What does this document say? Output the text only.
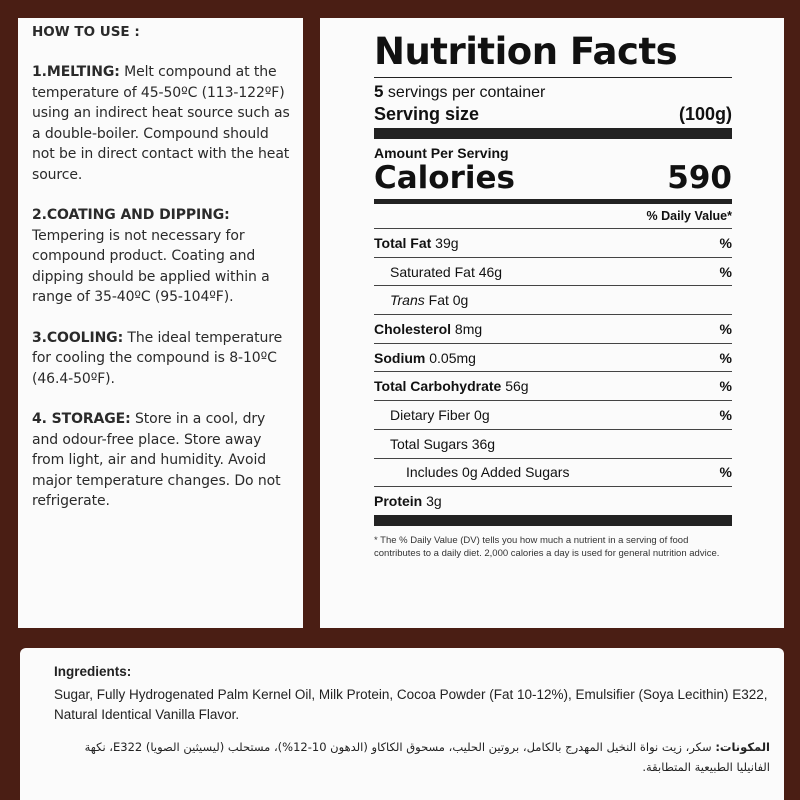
HOW TO USE :

1.MELTING: Melt compound at the temperature of 45-50ºC (113-122ºF) using an indirect heat source such as a double-boiler. Compound should not be in direct contact with the heat source.

2.COATING AND DIPPING: Tempering is not necessary for compound product. Coating and dipping should be applied within a range of 35-40ºC (95-104ºF).

3.COOLING: The ideal temperature for cooling the compound is 8-10ºC (46.4-50ºF).

4. STORAGE: Store in a cool, dry and odour-free place. Store away from light, air and humidity. Avoid major temperature changes. Do not refrigerate.

Nutrition Facts
5 servings per container
Serving size	(100g)
Amount Per Serving
Calories	590
% Daily Value*
Total Fat 39g	%
Saturated Fat 46g	%
Trans Fat 0g
Cholesterol 8mg	%
Sodium 0.05mg	%
Total Carbohydrate 56g	%
Dietary Fiber 0g	%
Total Sugars 36g
Includes 0g Added Sugars	%
Protein 3g
* The % Daily Value (DV) tells you how much a nutrient in a serving of food contributes to a daily diet. 2,000 calories a day is used for general nutrition advice.
Ingredients:
Sugar, Fully Hydrogenated Palm Kernel Oil, Milk Protein, Cocoa Powder (Fat 10-12%), Emulsifier (Soya Lecithin) E322, Natural Identical Vanilla Flavor.
المكونات: سكر، زيت نواة النخيل المهدرج بالكامل، بروتين الحليب، مسحوق الكاكاو (الدهون 10-12%)، مستحلب (ليسيثين الصويا) E322، نكهة الفانيليا الطبيعية المتطابقة.
